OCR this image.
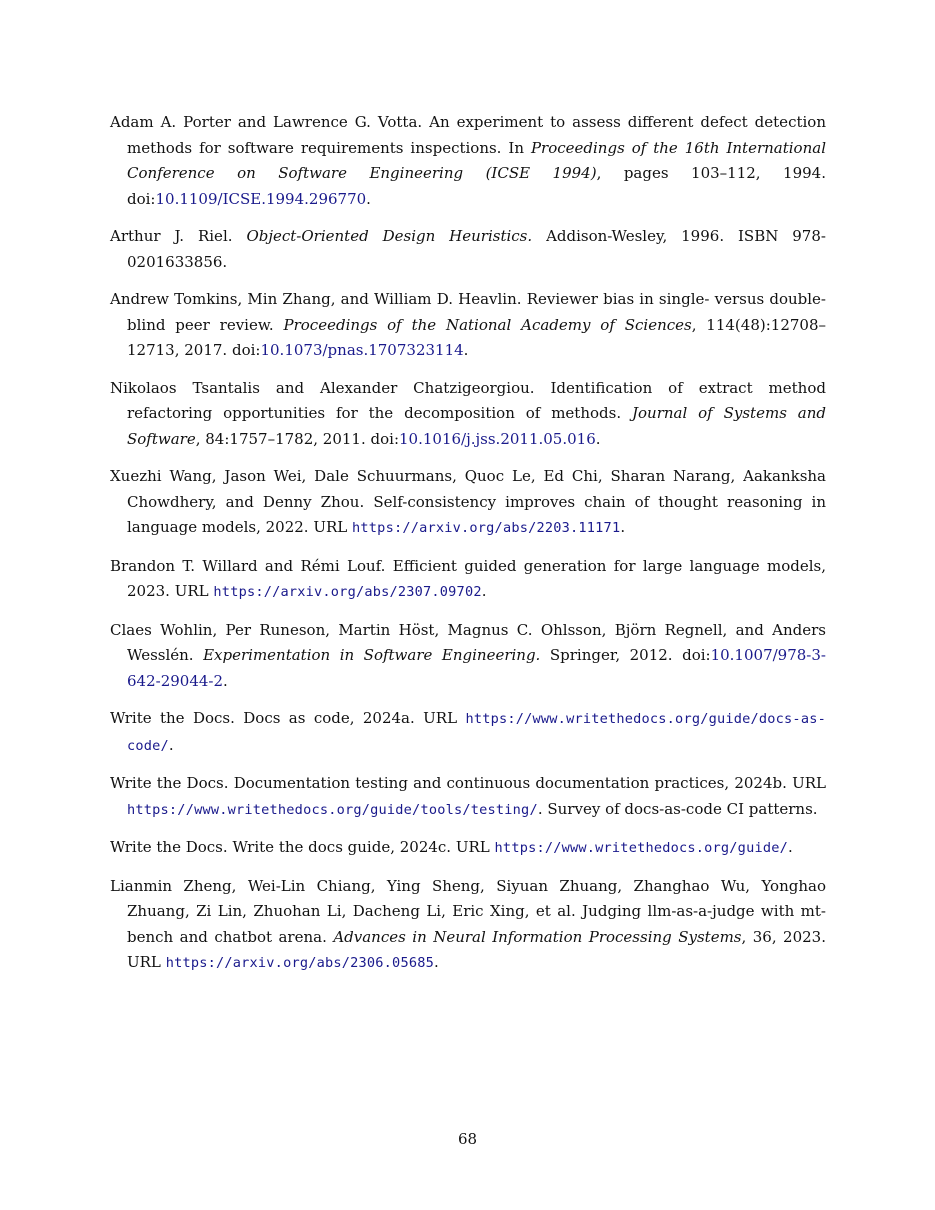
Adam A. Porter and Lawrence G. Votta. An experiment to assess different defect detection methods for software requirements inspections. In Proceedings of the 16th International Conference on Software Engineering (ICSE 1994), pages 103–112, 1994. doi:10.1109/ICSE.1994.296770.

Arthur J. Riel. Object-Oriented Design Heuristics. Addison-Wesley, 1996. ISBN 978-0201633856.

Andrew Tomkins, Min Zhang, and William D. Heavlin. Reviewer bias in single- versus double-blind peer review. Proceedings of the National Academy of Sciences, 114(48):12708–12713, 2017. doi:10.1073/pnas.1707323114.

Nikolaos Tsantalis and Alexander Chatzigeorgiou. Identification of extract method refactoring opportunities for the decomposition of methods. Journal of Systems and Software, 84:1757–1782, 2011. doi:10.1016/j.jss.2011.05.016.

Xuezhi Wang, Jason Wei, Dale Schuurmans, Quoc Le, Ed Chi, Sharan Narang, Aakanksha Chowdhery, and Denny Zhou. Self-consistency improves chain of thought reasoning in language models, 2022. URL https://arxiv.org/abs/2203.11171.

Brandon T. Willard and Rémi Louf. Efficient guided generation for large language models, 2023. URL https://arxiv.org/abs/2307.09702.

Claes Wohlin, Per Runeson, Martin Höst, Magnus C. Ohlsson, Björn Regnell, and Anders Wesslén. Experimentation in Software Engineering. Springer, 2012. doi:10.1007/978-3-642-29044-2.

Write the Docs. Docs as code, 2024a. URL https://www.writethedocs.org/guide/docs-as-code/.

Write the Docs. Documentation testing and continuous documentation practices, 2024b. URL https://www.writethedocs.org/guide/tools/testing/. Survey of docs-as-code CI patterns.

Write the Docs. Write the docs guide, 2024c. URL https://www.writethedocs.org/guide/.

Lianmin Zheng, Wei-Lin Chiang, Ying Sheng, Siyuan Zhuang, Zhanghao Wu, Yonghao Zhuang, Zi Lin, Zhuohan Li, Dacheng Li, Eric Xing, et al. Judging llm-as-a-judge with mt-bench and chatbot arena. Advances in Neural Information Processing Systems, 36, 2023. URL https://arxiv.org/abs/2306.05685.

68
